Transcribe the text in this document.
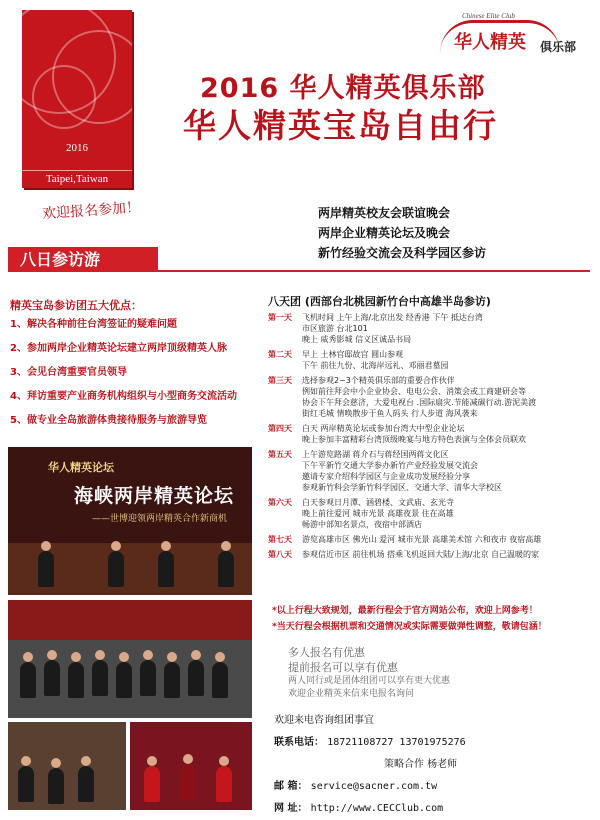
2016
Taipei,Taiwan
Chinese Elite Club
华人精英 俱乐部
2016 华人精英俱乐部
华人精英宝岛自由行
欢迎报名参加！	两岸精英校友会联谊晚会
两岸企业精英论坛及晚会
新竹经验交流会及科学园区参访
八日参访游
精英宝岛参访团五大优点：
1、解决各种前往台湾签证的疑难问题
2、参加两岸企业精英论坛建立两岸顶级精英人脉
3、会见台湾重要官员领导
4、拜访重要产业商务机构组织与小型商务交流活动
5、做专业全岛旅游体贵接待服务与旅游导览
八天团 (西部台北桃园新竹台中高雄半岛参访)
第一天	飞机时间 上午上海/北京出发 经香港 下午 抵达台湾
市区旅游 台北101
晚上 威秀影城 信义区诚品书局
第二天	早上 土林官邸故宫 圆山参观
下午 前往九份、北海岸远礼、邓丽君墓园
第三天	选择参观2~3个精英俱乐部的重要合作伙伴
例如前往拜会中小企业协会、电电公会、消策会或工商建研会等
协会下午拜会慈济，大爱电视台 .国际扇灾.节能减碳行动.游泥美渡
街红毛城 情唤散步于鱼人码头 行人步道 海风袭来
第四天	白天 两岸精英论坛或参加台湾大中型企业论坛
晚上参加丰富精彩台湾顶级晚宴与地方特色表演与全体会员联欢
第五天	上午游览路湖 蒋介石与蒋经国两蒋文化区
下午平新竹交通大学参办新竹产业经验发展交流会
邀请专家介绍科学园区与企业成功发展经验分享
参观新竹科会学新竹科学园区、交通大学、清华大学校区
第六天	白天参观日月潭、涵碧楼、文武庙、玄光寺
晚上前往爱河 城市光景 高雄夜景 住在高雄
畅游中部知名景点，夜宿中部酒店
第七天	游览高雄市区 佛光山 爱河 城市光景 高雄美术馆 六和夜市 夜宿高雄
第八天	参观信近市区 前往机场 搭乘飞机返回大陆/上海/北京 自己温暖的家
*以上行程大致规划，最新行程会于官方网站公布，欢迎上网参考！
*当天行程会根据机票和交通情况或实际需要做弹性调整，敬请包涵！
多人报名有优惠
提前报名可以享有优惠
两人同行或是团体组团可以享有更大优惠
欢迎企业精英来信来电报名询问
欢迎来电咨询组团事宜
联系电话： 18721108727 13701975276
策略合作 杨老师
邮 箱： service@sacner.com.tw
网 址： http://www.CECClub.com
华人精英论坛
海峡两岸精英论坛
——世博迎领两岸精英合作新商机
